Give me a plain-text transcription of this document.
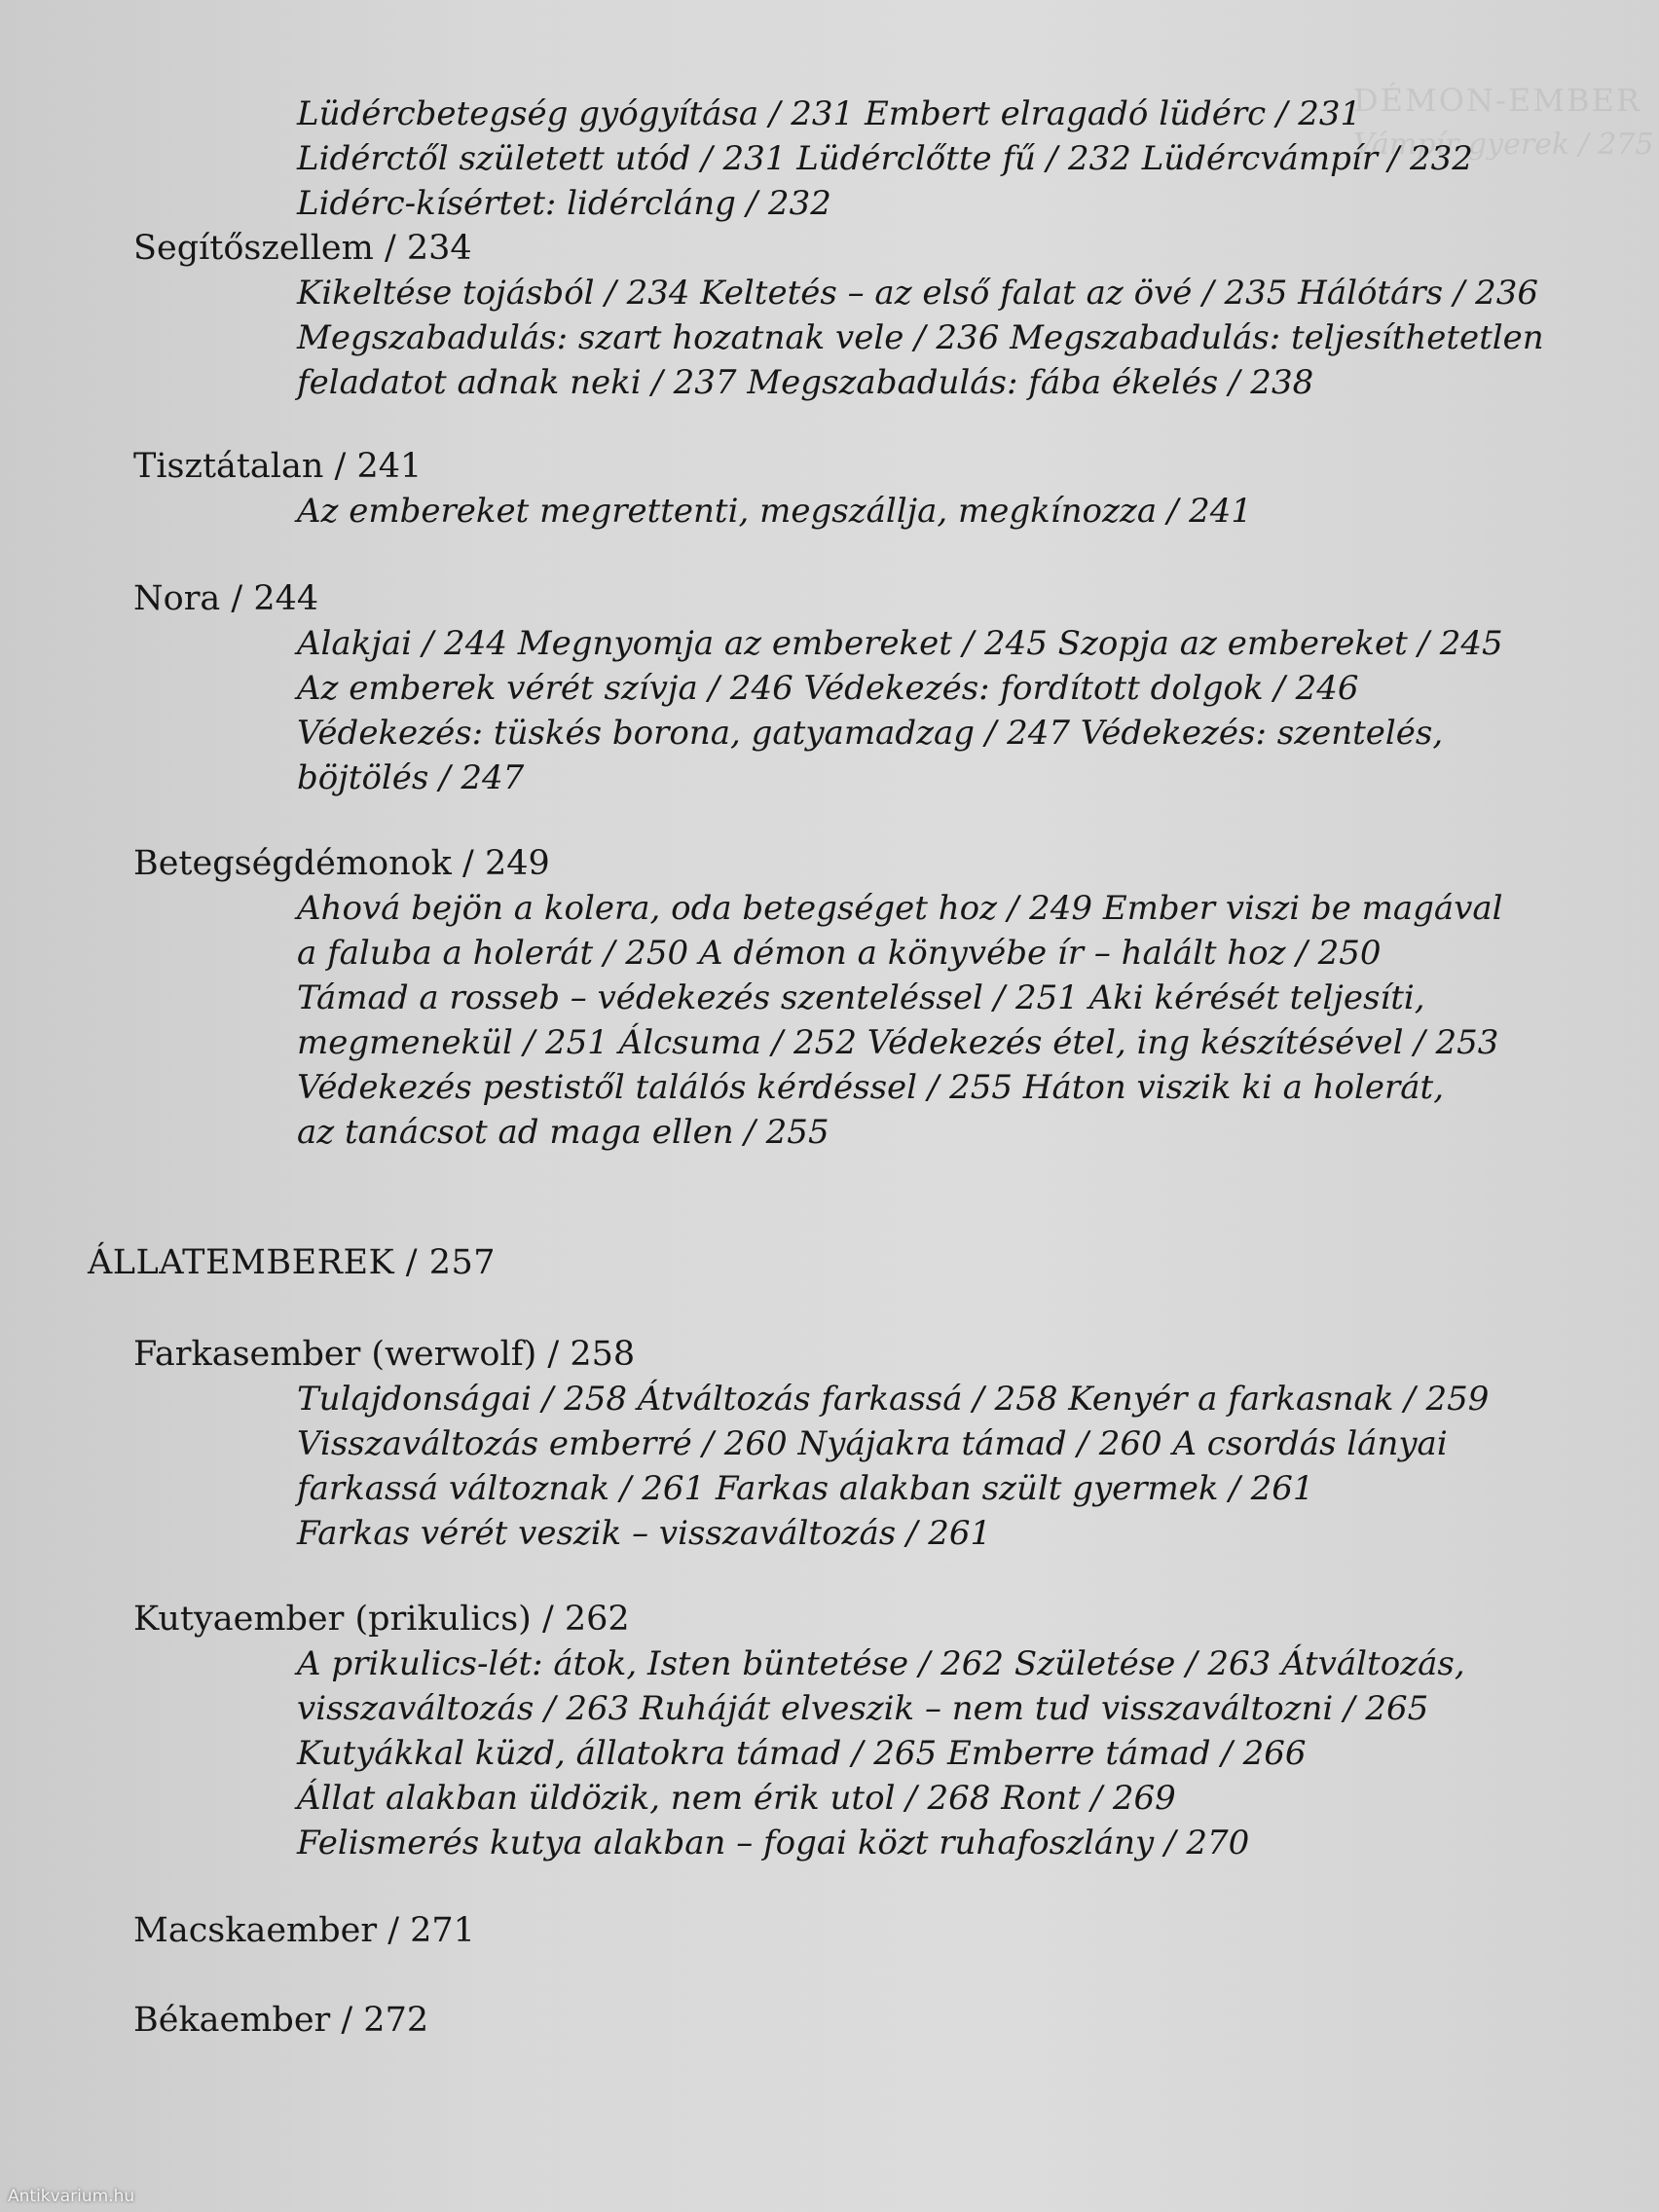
DÉMON-EMBER
Vámpír gyerek / 275
Lüdércbetegség gyógyítása / 231 Embert elragadó lüdérc / 231
Lidérctől született utód / 231 Lüdérclőtte fű / 232 Lüdércvámpír / 232
Lidérc-kísértet: lidércláng / 232
Segítőszellem / 234
Kikeltése tojásból / 234 Keltetés – az első falat az övé / 235 Hálótárs / 236
Megszabadulás: szart hozatnak vele / 236 Megszabadulás: teljesíthetetlen
feladatot adnak neki / 237 Megszabadulás: fába ékelés / 238
Tisztátalan / 241
Az embereket megrettenti, megszállja, megkínozza / 241
Nora / 244
Alakjai / 244 Megnyomja az embereket / 245 Szopja az embereket / 245
Az emberek vérét szívja / 246 Védekezés: fordított dolgok / 246
Védekezés: tüskés borona, gatyamadzag / 247 Védekezés: szentelés,
böjtölés / 247
Betegségdémonok / 249
Ahová bejön a kolera, oda betegséget hoz / 249 Ember viszi be magával
a faluba a holerát / 250 A démon a könyvébe ír – halált hoz / 250
Támad a rosseb – védekezés szenteléssel / 251 Aki kérését teljesíti,
megmenekül / 251 Álcsuma / 252 Védekezés étel, ing készítésével / 253
Védekezés pestistől találós kérdéssel / 255 Háton viszik ki a holerát,
az tanácsot ad maga ellen / 255
ÁLLATEMBEREK / 257
Farkasember (werwolf) / 258
Tulajdonságai / 258 Átváltozás farkassá / 258 Kenyér a farkasnak / 259
Visszaváltozás emberré / 260 Nyájakra támad / 260 A csordás lányai
farkassá változnak / 261 Farkas alakban szült gyermek / 261
Farkas vérét veszik – visszaváltozás / 261
Kutyaember (prikulics) / 262
A prikulics-lét: átok, Isten büntetése / 262 Születése / 263 Átváltozás,
visszaváltozás / 263 Ruháját elveszik – nem tud visszaváltozni / 265
Kutyákkal küzd, állatokra támad / 265 Emberre támad / 266
Állat alakban üldözik, nem érik utol / 268 Ront / 269
Felismerés kutya alakban – fogai közt ruhafoszlány / 270
Macskaember / 271
Békaember / 272
Antikvarium.hu
